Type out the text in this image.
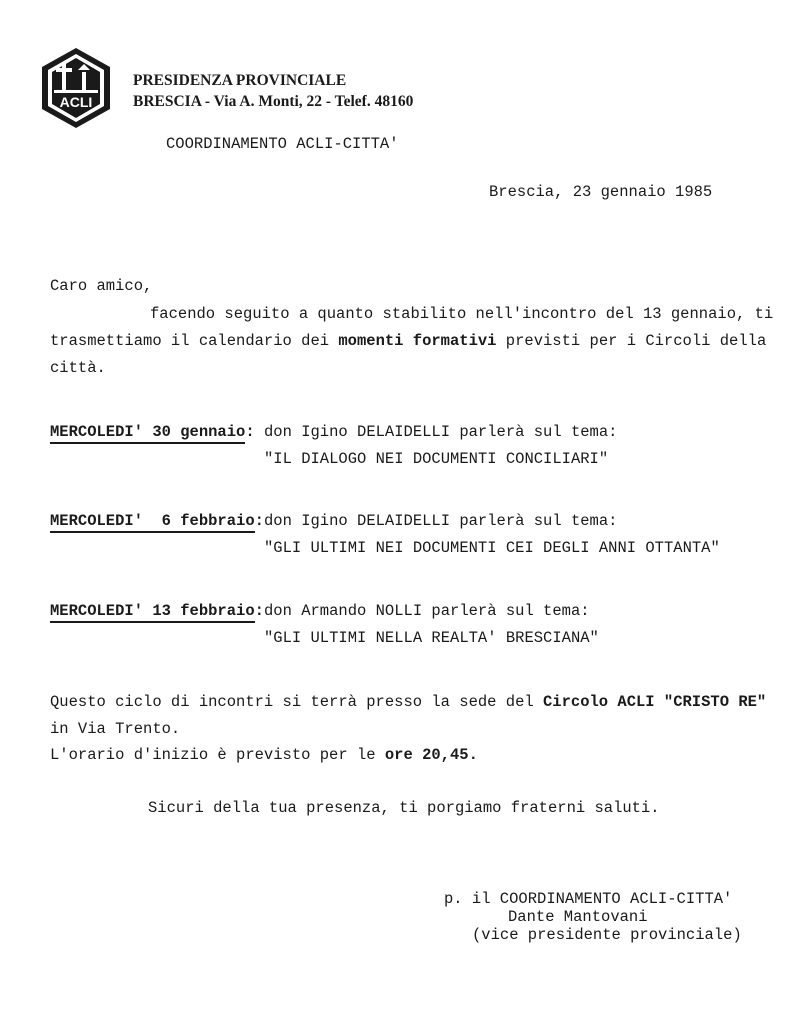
ACLI
PRESIDENZA PROVINCIALE
BRESCIA - Via A. Monti, 22 - Telef. 48160
COORDINAMENTO ACLI-CITTA'
Brescia, 23 gennaio 1985
Caro amico,
facendo seguito a quanto stabilito nell'incontro del 13 gennaio, ti
trasmettiamo il calendario dei momenti formativi previsti per i Circoli della
città.
MERCOLEDI' 30 gennaio: don Igino DELAIDELLI parlerà sul tema:
"IL DIALOGO NEI DOCUMENTI CONCILIARI"
MERCOLEDI'  6 febbraio: don Igino DELAIDELLI parlerà sul tema:
"GLI ULTIMI NEI DOCUMENTI CEI DEGLI ANNI OTTANTA"
MERCOLEDI' 13 febbraio: don Armando NOLLI parlerà sul tema:
"GLI ULTIMI NELLA REALTA' BRESCIANA"
Questo ciclo di incontri si terrà presso la sede del Circolo ACLI "CRISTO RE"
in Via Trento.
L'orario d'inizio è previsto per le ore 20,45.
Sicuri della tua presenza, ti porgiamo fraterni saluti.
p. il COORDINAMENTO ACLI-CITTA'
Dante Mantovani
(vice presidente provinciale)
